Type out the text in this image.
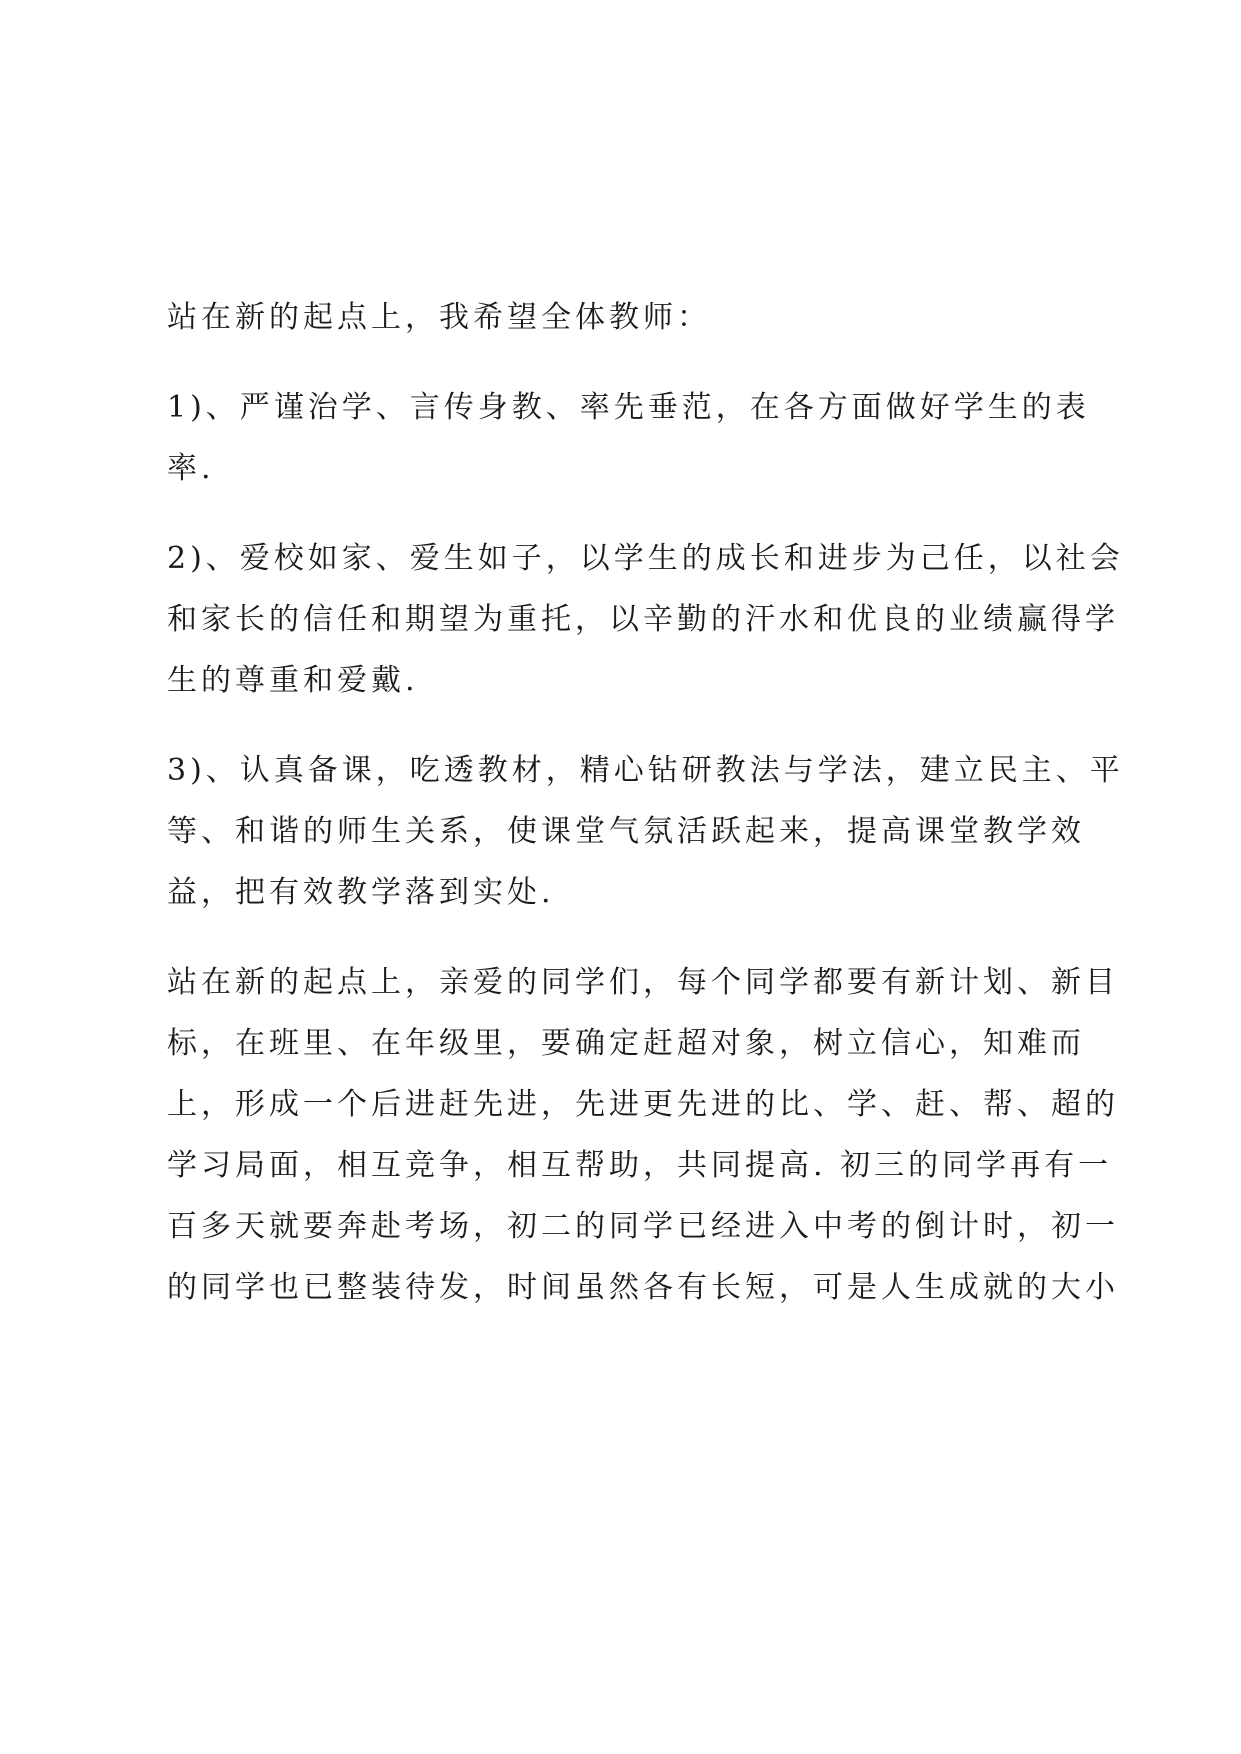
站在新的起点上，我希望全体教师：
1)、严谨治学、言传身教、率先垂范，在各方面做好学生的表
率.
2)、爱校如家、爱生如子，以学生的成长和进步为己任，以社会
和家长的信任和期望为重托，以辛勤的汗水和优良的业绩赢得学
生的尊重和爱戴.
3)、认真备课，吃透教材，精心钻研教法与学法，建立民主、平
等、和谐的师生关系，使课堂气氛活跃起来，提高课堂教学效
益，把有效教学落到实处.
站在新的起点上，亲爱的同学们，每个同学都要有新计划、新目
标，在班里、在年级里，要确定赶超对象，树立信心，知难而
上，形成一个后进赶先进，先进更先进的比、学、赶、帮、超的
学习局面，相互竞争，相互帮助，共同提高. 初三的同学再有一
百多天就要奔赴考场，初二的同学已经进入中考的倒计时，初一
的同学也已整装待发，时间虽然各有长短，可是人生成就的大小
